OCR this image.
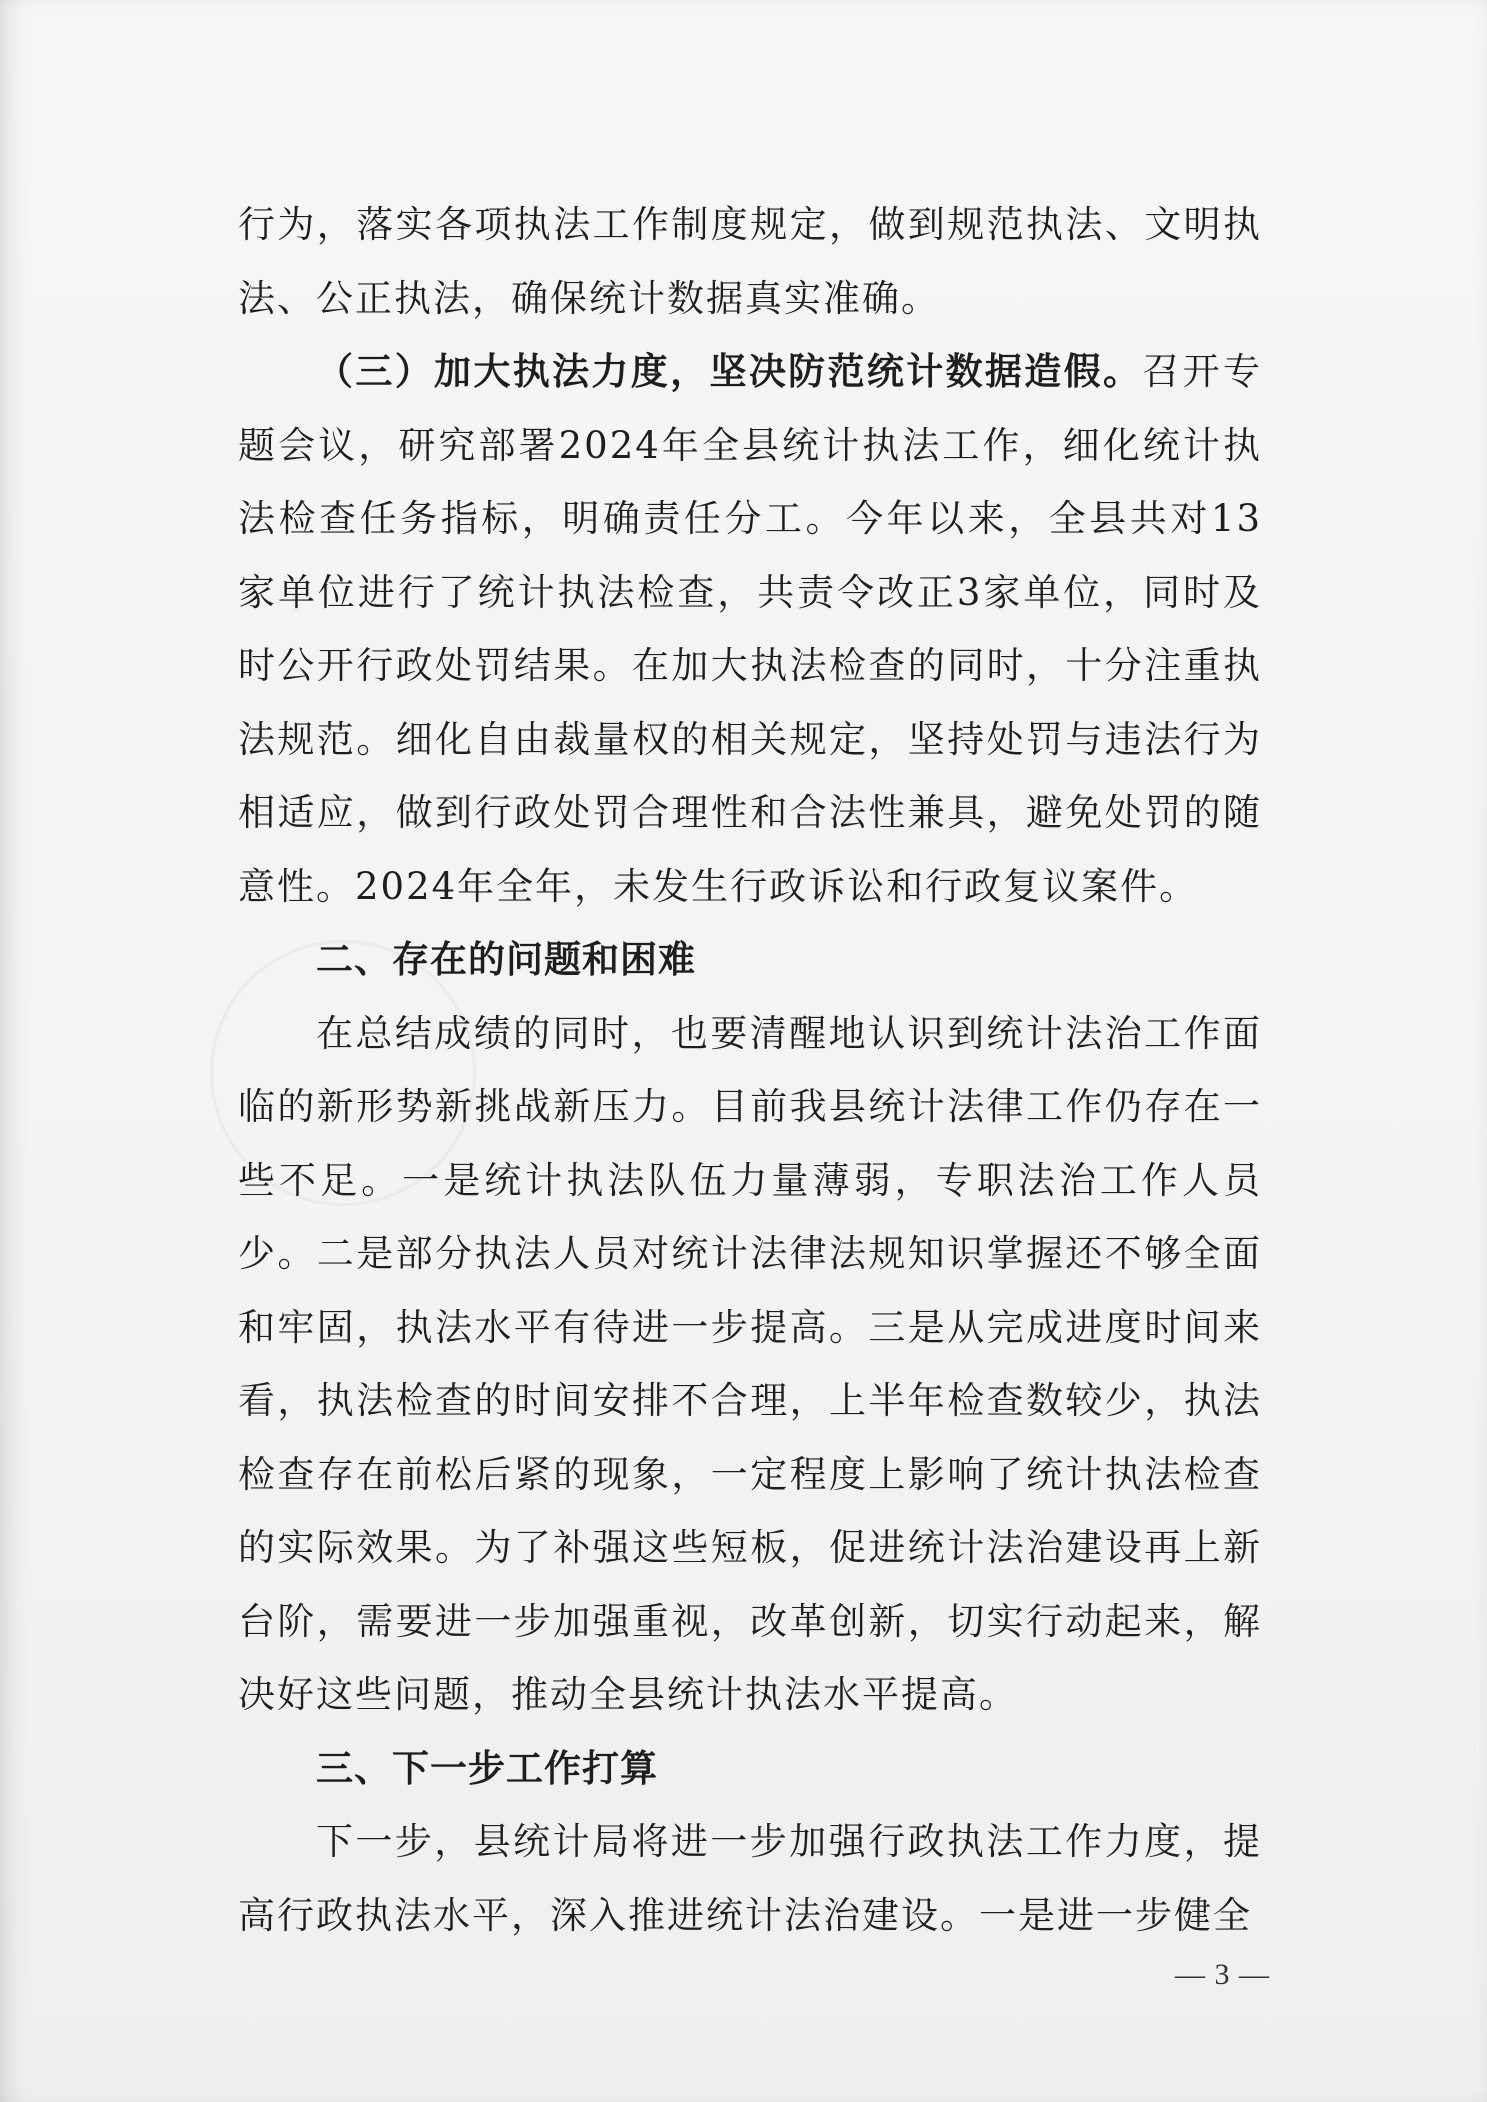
行为，落实各项执法工作制度规定，做到规范执法、文明执法、公正执法，确保统计数据真实准确。

（三）加大执法力度，坚决防范统计数据造假。召开专题会议，研究部署2024年全县统计执法工作，细化统计执法检查任务指标，明确责任分工。今年以来，全县共对13家单位进行了统计执法检查，共责令改正3家单位，同时及时公开行政处罚结果。在加大执法检查的同时，十分注重执法规范。细化自由裁量权的相关规定，坚持处罚与违法行为相适应，做到行政处罚合理性和合法性兼具，避免处罚的随意性。2024年全年，未发生行政诉讼和行政复议案件。

二、存在的问题和困难

在总结成绩的同时，也要清醒地认识到统计法治工作面临的新形势新挑战新压力。目前我县统计法律工作仍存在一些不足。一是统计执法队伍力量薄弱，专职法治工作人员少。二是部分执法人员对统计法律法规知识掌握还不够全面和牢固，执法水平有待进一步提高。三是从完成进度时间来看，执法检查的时间安排不合理，上半年检查数较少，执法检查存在前松后紧的现象，一定程度上影响了统计执法检查的实际效果。为了补强这些短板，促进统计法治建设再上新台阶，需要进一步加强重视，改革创新，切实行动起来，解决好这些问题，推动全县统计执法水平提高。

三、下一步工作打算

下一步，县统计局将进一步加强行政执法工作力度，提高行政执法水平，深入推进统计法治建设。一是进一步健全

— 3 —
